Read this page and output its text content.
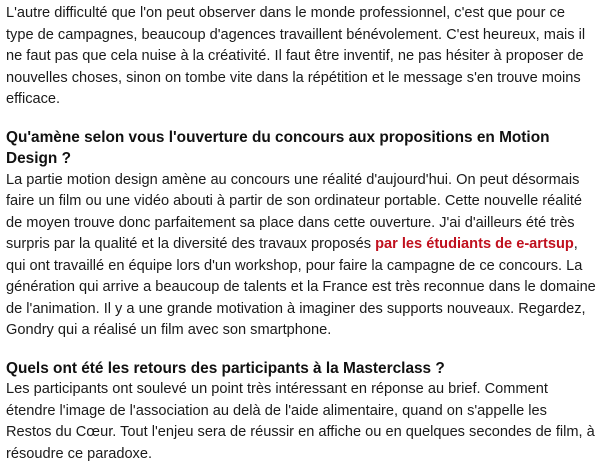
L'autre difficulté que l'on peut observer dans le monde professionnel, c'est que pour ce type de campagnes, beaucoup d'agences travaillent bénévolement. C'est heureux, mais il ne faut pas que cela nuise à la créativité. Il faut être inventif, ne pas hésiter à proposer de nouvelles choses, sinon on tombe vite dans la répétition et le message s'en trouve moins efficace.

Qu'amène selon vous l'ouverture du concours aux propositions en Motion Design ?

La partie motion design amène au concours une réalité d'aujourd'hui. On peut désormais faire un film ou une vidéo abouti à partir de son ordinateur portable. Cette nouvelle réalité de moyen trouve donc parfaitement sa place dans cette ouverture. J'ai d'ailleurs été très surpris par la qualité et la diversité des travaux proposés par les étudiants de e-artsup, qui ont travaillé en équipe lors d'un workshop, pour faire la campagne de ce concours. La génération qui arrive a beaucoup de talents et la France est très reconnue dans le domaine de l'animation. Il y a une grande motivation à imaginer des supports nouveaux. Regardez, Gondry qui a réalisé un film avec son smartphone.

Quels ont été les retours des participants à la Masterclass ?

Les participants ont soulevé un point très intéressant en réponse au brief. Comment étendre l'image de l'association au delà de l'aide alimentaire, quand on s'appelle les Restos du Cœur. Tout l'enjeu sera de réussir en affiche ou en quelques secondes de film, à résoudre ce paradoxe.
